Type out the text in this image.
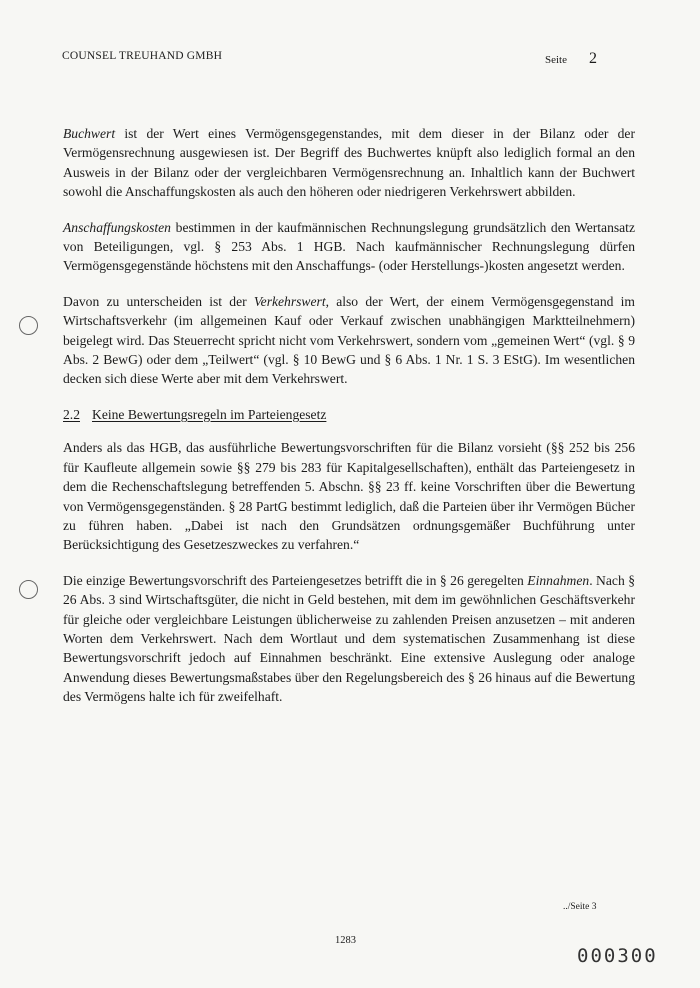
COUNSEL TREUHAND GMBH	Seite 2

Buchwert ist der Wert eines Vermögensgegenstandes, mit dem dieser in der Bilanz oder der Vermögensrechnung ausgewiesen ist. Der Begriff des Buchwertes knüpft also lediglich formal an den Ausweis in der Bilanz oder der vergleichbaren Vermögensrechnung an. Inhaltlich kann der Buchwert sowohl die Anschaffungskosten als auch den höheren oder niedrigeren Verkehrswert abbilden.

Anschaffungskosten bestimmen in der kaufmännischen Rechnungslegung grundsätzlich den Wertansatz von Beteiligungen, vgl. § 253 Abs. 1 HGB. Nach kaufmännischer Rechnungslegung dürfen Vermögensgegenstände höchstens mit den Anschaffungs- (oder Herstellungs-)kosten angesetzt werden.

Davon zu unterscheiden ist der Verkehrswert, also der Wert, der einem Vermögensgegenstand im Wirtschaftsverkehr (im allgemeinen Kauf oder Verkauf zwischen unabhängigen Marktteilnehmern) beigelegt wird. Das Steuerrecht spricht nicht vom Verkehrswert, sondern vom „gemeinen Wert“ (vgl. § 9 Abs. 2 BewG) oder dem „Teilwert“ (vgl. § 10 BewG und § 6 Abs. 1 Nr. 1 S. 3 EStG). Im wesentlichen decken sich diese Werte aber mit dem Verkehrswert.

2.2 Keine Bewertungsregeln im Parteiengesetz

Anders als das HGB, das ausführliche Bewertungsvorschriften für die Bilanz vorsieht (§§ 252 bis 256 für Kaufleute allgemein sowie §§ 279 bis 283 für Kapitalgesellschaften), enthält das Parteiengesetz in dem die Rechenschaftslegung betreffenden 5. Abschn. §§ 23 ff. keine Vorschriften über die Bewertung von Vermögensgegenständen. § 28 PartG bestimmt lediglich, daß die Parteien über ihr Vermögen Bücher zu führen haben. „Dabei ist nach den Grundsätzen ordnungsgemäßer Buchführung unter Berücksichtigung des Gesetzeszweckes zu verfahren.“

Die einzige Bewertungsvorschrift des Parteiengesetzes betrifft die in § 26 geregelten Einnahmen. Nach § 26 Abs. 3 sind Wirtschaftsgüter, die nicht in Geld bestehen, mit dem im gewöhnlichen Geschäftsverkehr für gleiche oder vergleichbare Leistungen üblicherweise zu zahlenden Preisen anzusetzen – mit anderen Worten dem Verkehrswert. Nach dem Wortlaut und dem systematischen Zusammenhang ist diese Bewertungsvorschrift jedoch auf Einnahmen beschränkt. Eine extensive Auslegung oder analoge Anwendung dieses Bewertungsmaßstabes über den Regelungsbereich des § 26 hinaus auf die Bewertung des Vermögens halte ich für zweifelhaft.

../Seite 3
1283
000300
